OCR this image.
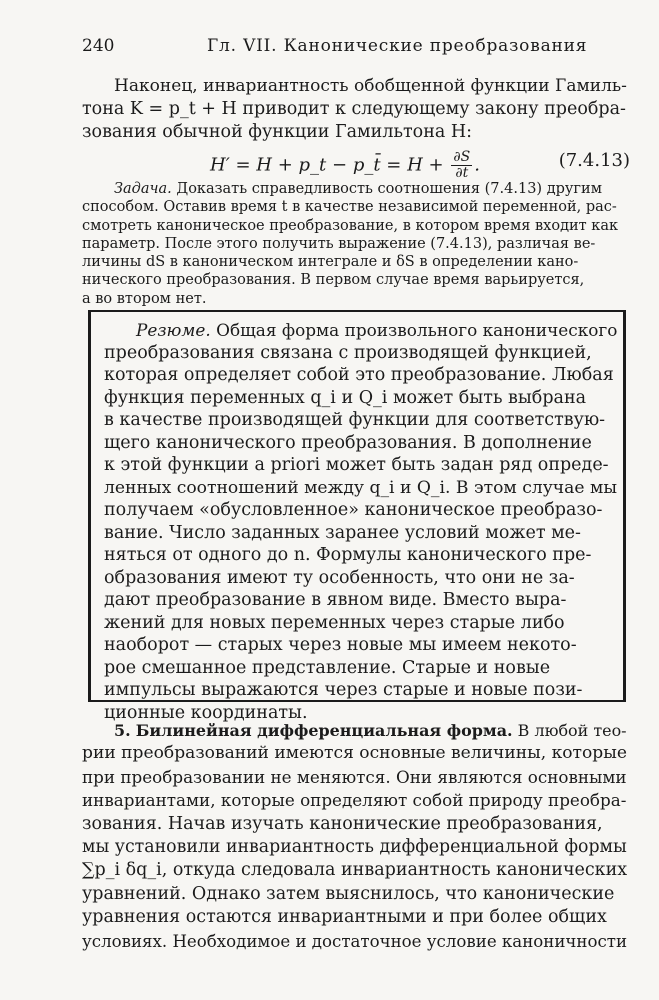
240	Гл. VII. Канонические преобразования
Наконец, инвариантность обобщенной функции Гамиль-
тона K = p_t + H приводит к следующему закону преобра-
зования обычной функции Гамильтона H:
H′ = H + p_t − p_t̄ = $H + \frac{\partial S}{\partial t}$ .	(7.4.13)
Задача. Доказать справедливость соотношения (7.4.13) другим
способом. Оставив время t в качестве независимой переменной, рас-
смотреть каноническое преобразование, в котором время входит как
параметр. После этого получить выражение (7.4.13), различая ве-
личины dS в каноническом интеграле и δS в определении кано-
нического преобразования. В первом случае время варьируется,
а во втором нет.
Резюме. Общая форма произвольного канонического
преобразования связана с производящей функцией,
которая определяет собой это преобразование. Любая
функция переменных q_i и Q_i может быть выбрана
в качестве производящей функции для соответствую-
щего канонического преобразования. В дополнение
к этой функции a priori может быть задан ряд опреде-
ленных соотношений между q_i и Q_i. В этом случае мы
получаем «обусловленное» каноническое преобразо-
вание. Число заданных заранее условий может ме-
няться от одного до n. Формулы канонического пре-
образования имеют ту особенность, что они не за-
дают преобразование в явном виде. Вместо выра-
жений для новых переменных через старые либо
наоборот — старых через новые мы имеем некото-
рое смешанное представление. Старые и новые
импульсы выражаются через старые и новые пози-
ционные координаты.
5. Билинейная дифференциальная форма. В любой тео-
рии преобразований имеются основные величины, которые
при преобразовании не меняются. Они являются основными
инвариантами, которые определяют собой природу преобра-
зования. Начав изучать канонические преобразования,
мы установили инвариантность дифференциальной формы
∑p_i δq_i, откуда следовала инвариантность канонических
уравнений. Однако затем выяснилось, что канонические
уравнения остаются инвариантными и при более общих
условиях. Необходимое и достаточное условие каноничности
